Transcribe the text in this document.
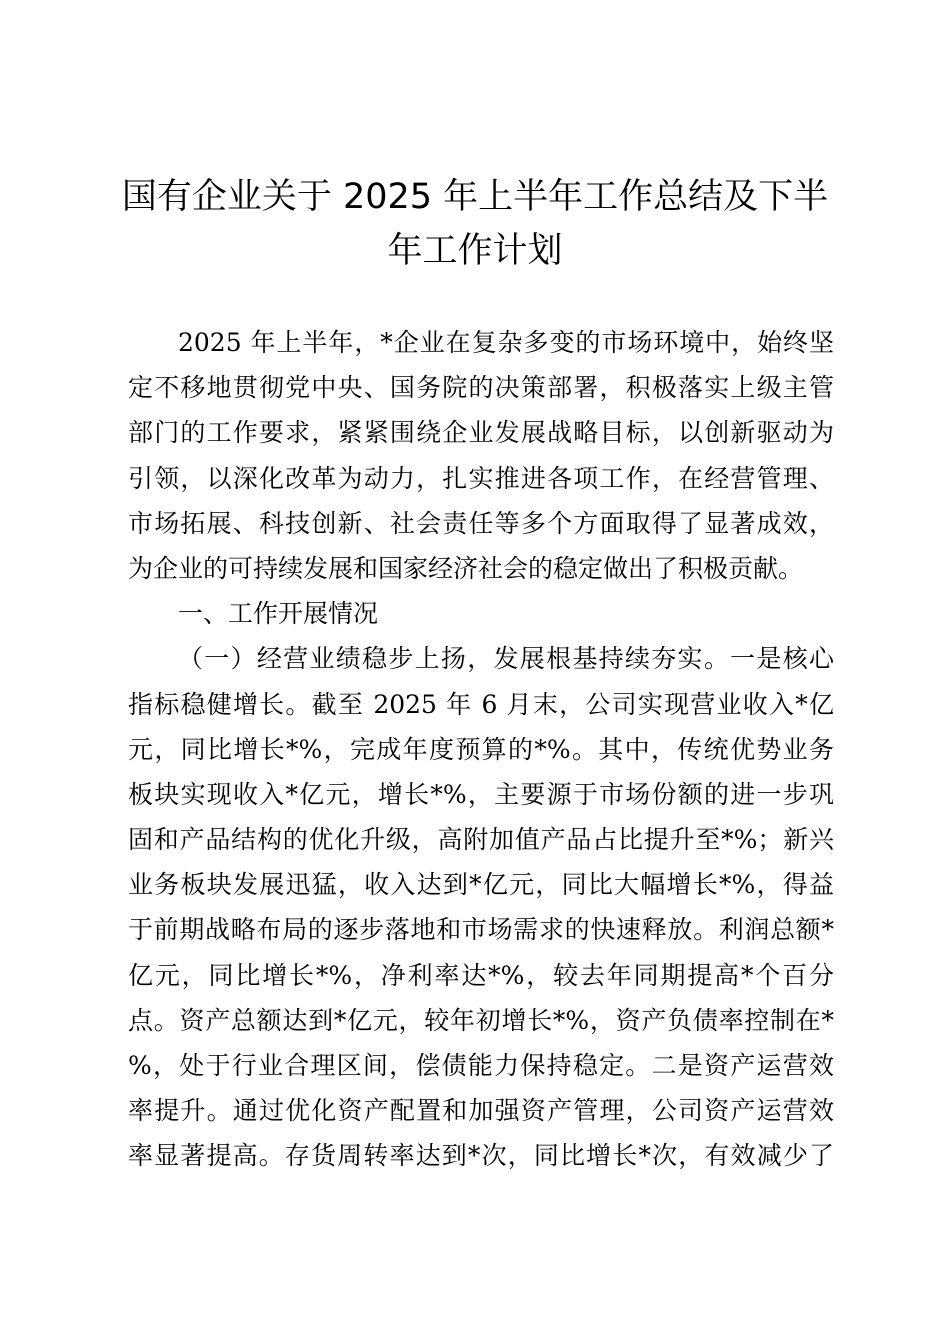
国有企业关于 2025 年上半年工作总结及下半
年工作计划
2025 年上半年，*企业在复杂多变的市场环境中，始终坚
定不移地贯彻党中央、国务院的决策部署，积极落实上级主管
部门的工作要求，紧紧围绕企业发展战略目标，以创新驱动为
引领，以深化改革为动力，扎实推进各项工作，在经营管理、
市场拓展、科技创新、社会责任等多个方面取得了显著成效，
为企业的可持续发展和国家经济社会的稳定做出了积极贡献。
一、工作开展情况
（一）经营业绩稳步上扬，发展根基持续夯实。一是核心
指标稳健增长。截至 2025 年 6 月末，公司实现营业收入*亿
元，同比增长*%，完成年度预算的*%。其中，传统优势业务
板块实现收入*亿元，增长*%，主要源于市场份额的进一步巩
固和产品结构的优化升级，高附加值产品占比提升至*%；新兴
业务板块发展迅猛，收入达到*亿元，同比大幅增长*%，得益
于前期战略布局的逐步落地和市场需求的快速释放。利润总额*
亿元，同比增长*%，净利率达*%，较去年同期提高*个百分
点。资产总额达到*亿元，较年初增长*%，资产负债率控制在*
%，处于行业合理区间，偿债能力保持稳定。二是资产运营效
率提升。通过优化资产配置和加强资产管理，公司资产运营效
率显著提高。存货周转率达到*次，同比增长*次，有效减少了
